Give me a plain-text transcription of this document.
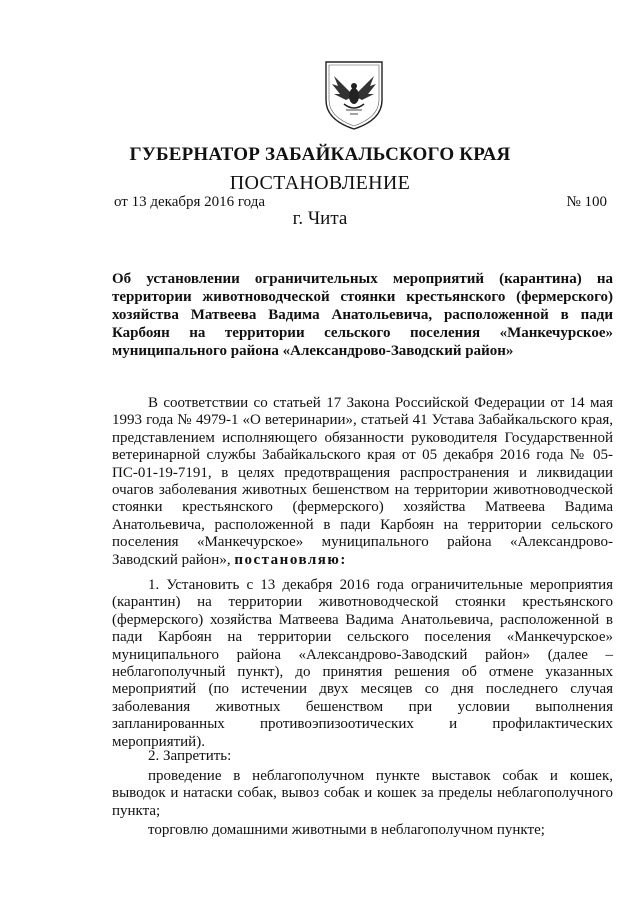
ГУБЕРНАТОР ЗАБАЙКАЛЬСКОГО КРАЯ
ПОСТАНОВЛЕНИЕ
от 13 декабря 2016 года	№ 100
г. Чита
Об установлении ограничительных мероприятий (карантина) на территории животноводческой стоянки крестьянского (фермерского) хозяйства Матвеева Вадима Анатольевича, расположенной в пади Карбоян на территории сельского поселения «Манкечурское» муниципального района «Александрово-Заводский район»
В соответствии со статьей 17 Закона Российской Федерации от 14 мая 1993 года № 4979-1 «О ветеринарии», статьей 41 Устава Забайкальского края, представлением исполняющего обязанности руководителя Государственной ветеринарной службы Забайкальского края от 05 декабря 2016 года № 05-ПС-01-19-7191, в целях предотвращения распространения и ликвидации очагов заболевания животных бешенством на территории животноводческой стоянки крестьянского (фермерского) хозяйства Матвеева Вадима Анатольевича, расположенной в пади Карбоян на территории сельского поселения «Манкечурское» муниципального района «Александрово-Заводский район», постановляю:
1. Установить с 13 декабря 2016 года ограничительные мероприятия (карантин) на территории животноводческой стоянки крестьянского (фермерского) хозяйства Матвеева Вадима Анатольевича, расположенной в пади Карбоян на территории сельского поселения «Манкечурское» муниципального района «Александрово-Заводский район» (далее – неблагополучный пункт), до принятия решения об отмене указанных мероприятий (по истечении двух месяцев со дня последнего случая заболевания животных бешенством при условии выполнения запланированных противоэпизоотических и профилактических мероприятий).
2. Запретить:
проведение в неблагополучном пункте выставок собак и кошек, выводок и натаски собак, вывоз собак и кошек за пределы неблагополучного пункта;
торговлю домашними животными в неблагополучном пункте;
